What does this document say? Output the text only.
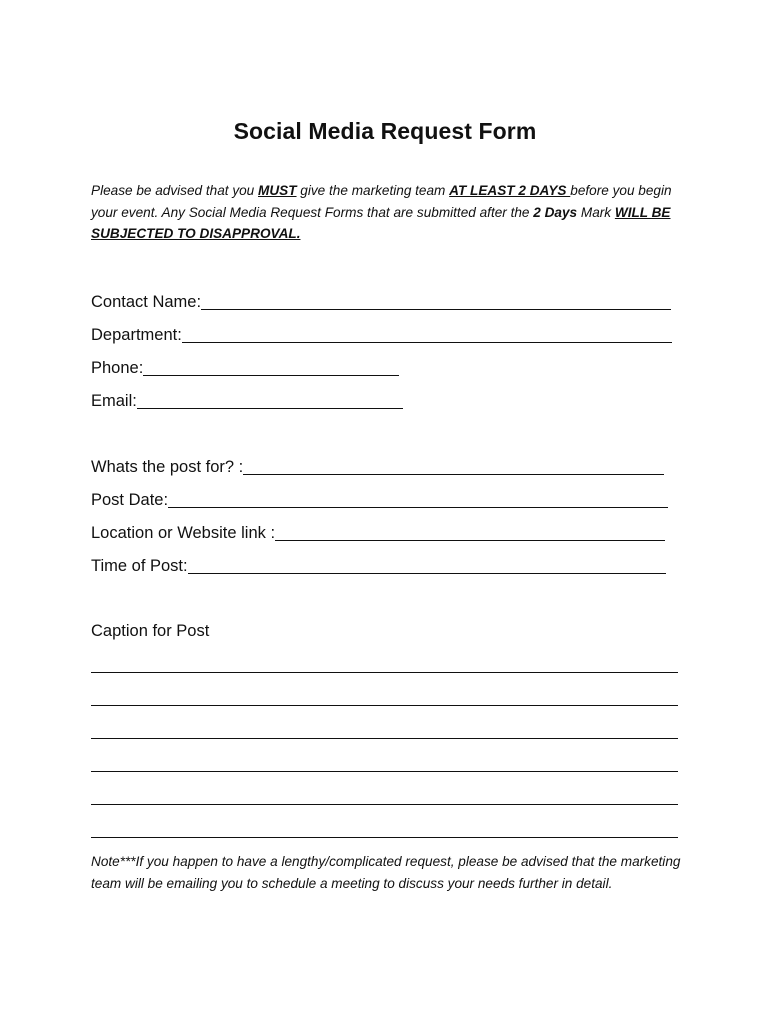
Social Media Request Form
Please be advised that you MUST give the marketing team AT LEAST 2 DAYS before you begin your event. Any Social Media Request Forms that are submitted after the 2 Days Mark WILL BE SUBJECTED TO DISAPPROVAL.
Contact Name:
Department:
Phone:
Email:
Whats the post for? :
Post Date:
Location or Website link :
Time of Post:
Caption for Post
Note***If you happen to have a lengthy/complicated request, please be advised that the marketing team will be emailing you to schedule a meeting to discuss your needs further in detail.
